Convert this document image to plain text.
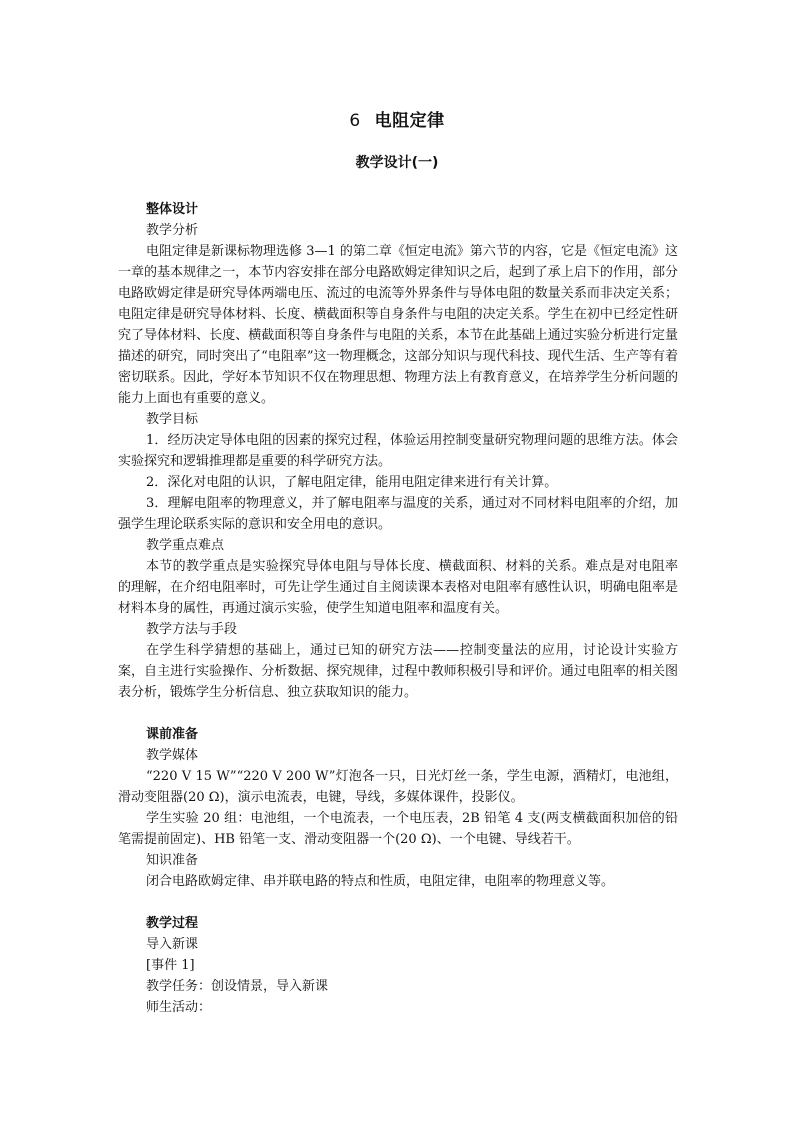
6 电阻定律
教学设计(一)
整体设计
教学分析

电阻定律是新课标物理选修 3—1 的第二章《恒定电流》第六节的内容，它是《恒定电流》这一章的基本规律之一，本节内容安排在部分电路欧姆定律知识之后，起到了承上启下的作用，部分电路欧姆定律是研究导体两端电压、流过的电流等外界条件与导体电阻的数量关系而非决定关系；电阻定律是研究导体材料、长度、横截面积等自身条件与电阻的决定关系。学生在初中已经定性研究了导体材料、长度、横截面积等自身条件与电阻的关系，本节在此基础上通过实验分析进行定量描述的研究，同时突出了“电阻率”这一物理概念，这部分知识与现代科技、现代生活、生产等有着密切联系。因此，学好本节知识不仅在物理思想、物理方法上有教育意义，在培养学生分析问题的能力上面也有重要的意义。

教学目标

1．经历决定导体电阻的因素的探究过程，体验运用控制变量研究物理问题的思维方法。体会实验探究和逻辑推理都是重要的科学研究方法。

2．深化对电阻的认识，了解电阻定律，能用电阻定律来进行有关计算。

3．理解电阻率的物理意义，并了解电阻率与温度的关系，通过对不同材料电阻率的介绍，加强学生理论联系实际的意识和安全用电的意识。

教学重点难点

本节的教学重点是实验探究导体电阻与导体长度、横截面积、材料的关系。难点是对电阻率的理解，在介绍电阻率时，可先让学生通过自主阅读课本表格对电阻率有感性认识，明确电阻率是材料本身的属性，再通过演示实验，使学生知道电阻率和温度有关。

教学方法与手段

在学生科学猜想的基础上，通过已知的研究方法——控制变量法的应用，讨论设计实验方案，自主进行实验操作、分析数据、探究规律，过程中教师积极引导和评价。通过电阻率的相关图表分析，锻炼学生分析信息、独立获取知识的能力。

课前准备
教学媒体

“220 V 15 W”“220 V 200 W”灯泡各一只，日光灯丝一条，学生电源，酒精灯，电池组，滑动变阻器(20 Ω)，演示电流表，电键，导线，多媒体课件，投影仪。

学生实验 20 组：电池组，一个电流表，一个电压表，2B 铅笔 4 支(两支横截面积加倍的铅笔需提前固定)、HB 铅笔一支、滑动变阻器一个(20 Ω)、一个电键、导线若干。

知识准备

闭合电路欧姆定律、串并联电路的特点和性质，电阻定律，电阻率的物理意义等。

教学过程
导入新课
[事件 1]
教学任务：创设情景，导入新课
师生活动：
